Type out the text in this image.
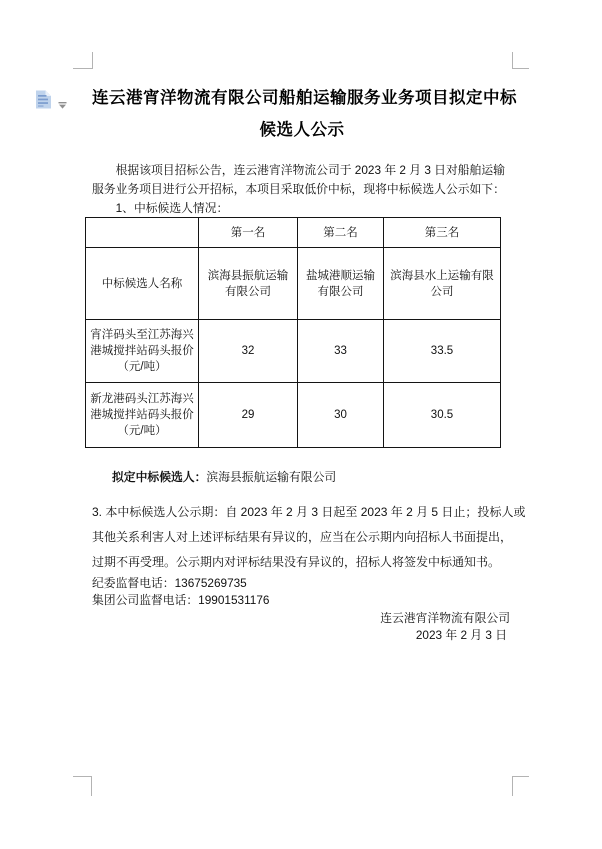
连云港宵洋物流有限公司船舶运输服务业务项目拟定中标
候选人公示
根据该项目招标公告，连云港宵洋物流公司于 2023 年 2 月 3 日对船舶运输
服务业务项目进行公开招标，本项目采取低价中标，现将中标候选人公示如下：

1、中标候选人情况：

	第一名	第二名	第三名
中标候选人名称	滨海县振航运输有限公司	盐城港顺运输有限公司	滨海县水上运输有限公司
宵洋码头至江苏海兴港城搅拌站码头报价（元/吨）	32	33	33.5
新龙港码头江苏海兴港城搅拌站码头报价（元/吨）	29	30	30.5

拟定中标候选人：滨海县振航运输有限公司

3. 本中标候选人公示期：自 2023 年 2 月 3 日起至 2023 年 2 月 5 日止；投标人或
其他关系利害人对上述评标结果有异议的，应当在公示期内向招标人书面提出，
过期不再受理。公示期内对评标结果没有异议的，招标人将签发中标通知书。
纪委监督电话：13675269735
集团公司监督电话：19901531176
连云港宵洋物流有限公司
2023 年 2 月 3 日
